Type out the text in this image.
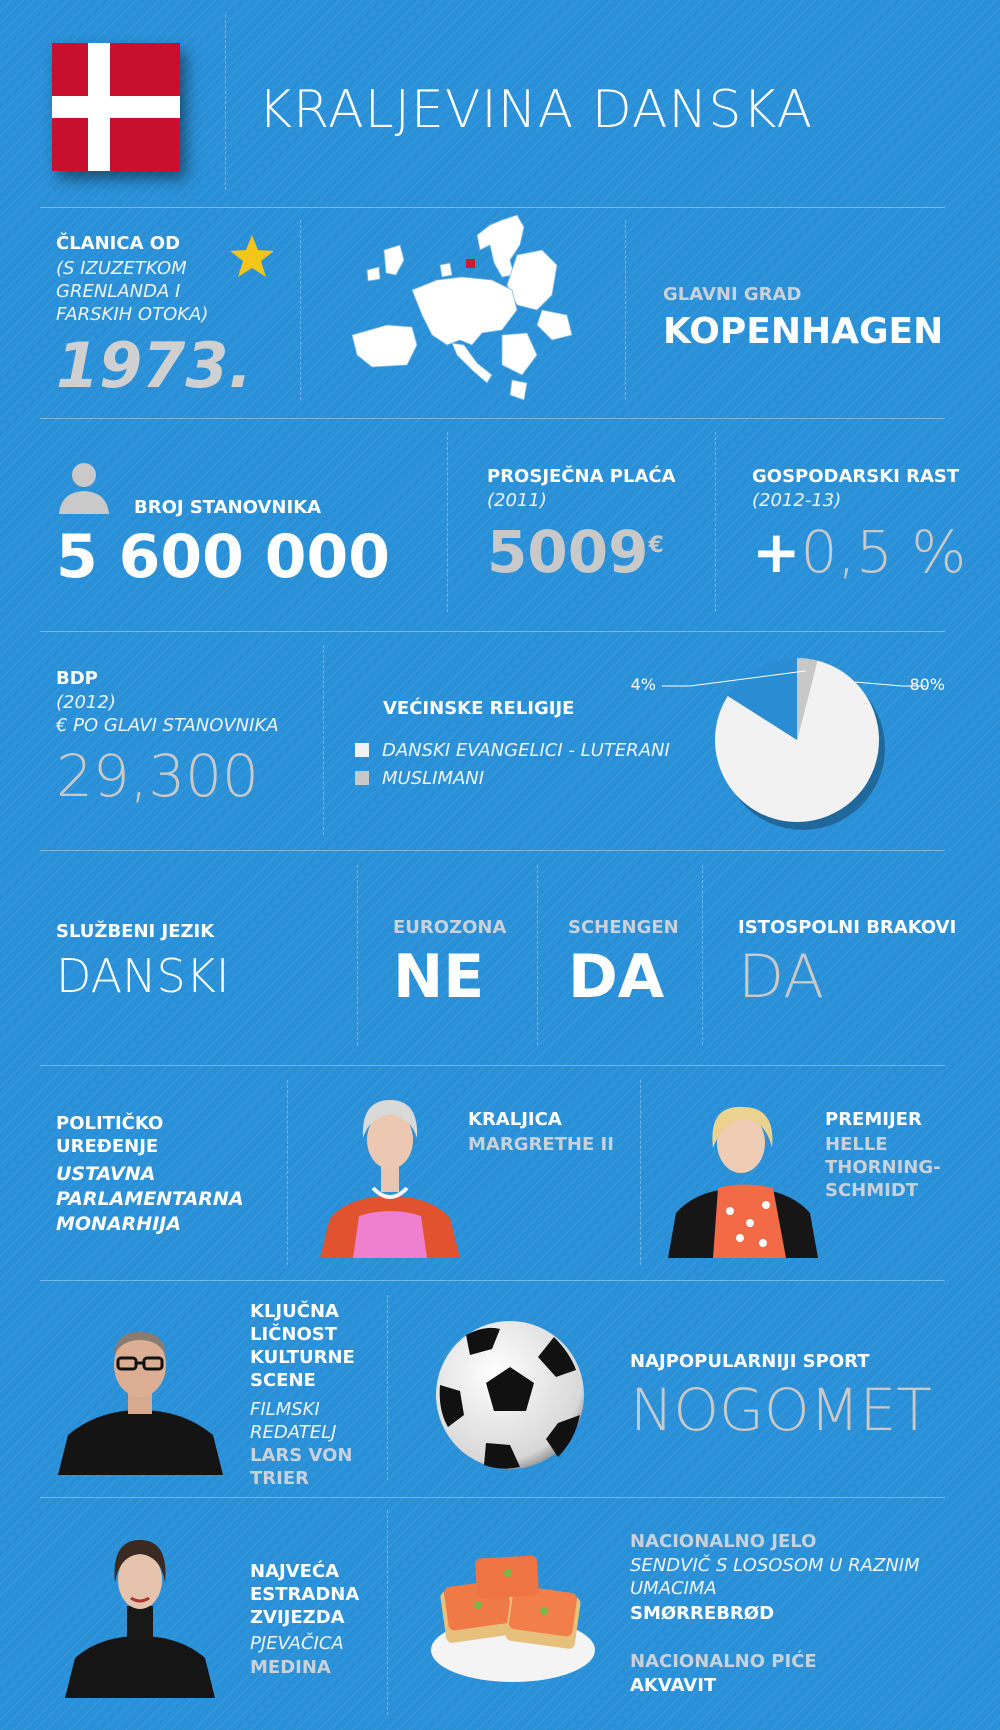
KRALJEVINA DANSKA
ČLANICA OD
(S IZUZETKOM GRENLANDA I FARSKIH OTOKA)
1973.
GLAVNI GRAD
KOPENHAGEN
BROJ STANOVNIKA
5 600 000
PROSJEČNA PLAĆA
(2011)
5009€
GOSPODARSKI RAST
(2012-13)
+0,5 %
BDP
(2012)
€ PO GLAVI STANOVNIKA
29,300
VEĆINSKE RELIGIJE
DANSKI EVANGELICI - LUTERANI
MUSLIMANI
4%	80%
SLUŽBENI JEZIK
DANSKI
EUROZONA
NE
SCHENGEN
DA
ISTOSPOLNI BRAKOVI
DA
POLITIČKO UREĐENJE
USTAVNA PARLAMENTARNA MONARHIJA
KRALJICA
MARGRETHE II
PREMIJER
HELLE THORNING-SCHMIDT
KLJUČNA LIČNOST KULTURNE SCENE
FILMSKI REDATELJ
LARS VON TRIER
NAJPOPULARNIJI SPORT
NOGOMET
NAJVEĆA ESTRADNA ZVIJEZDA
PJEVAČICA
MEDINA
NACIONALNO JELO
SENDVIČ S LOSOSOM U RAZNIM UMACIMA
SMØRREBRØD
NACIONALNO PIĆE
AKVAVIT
